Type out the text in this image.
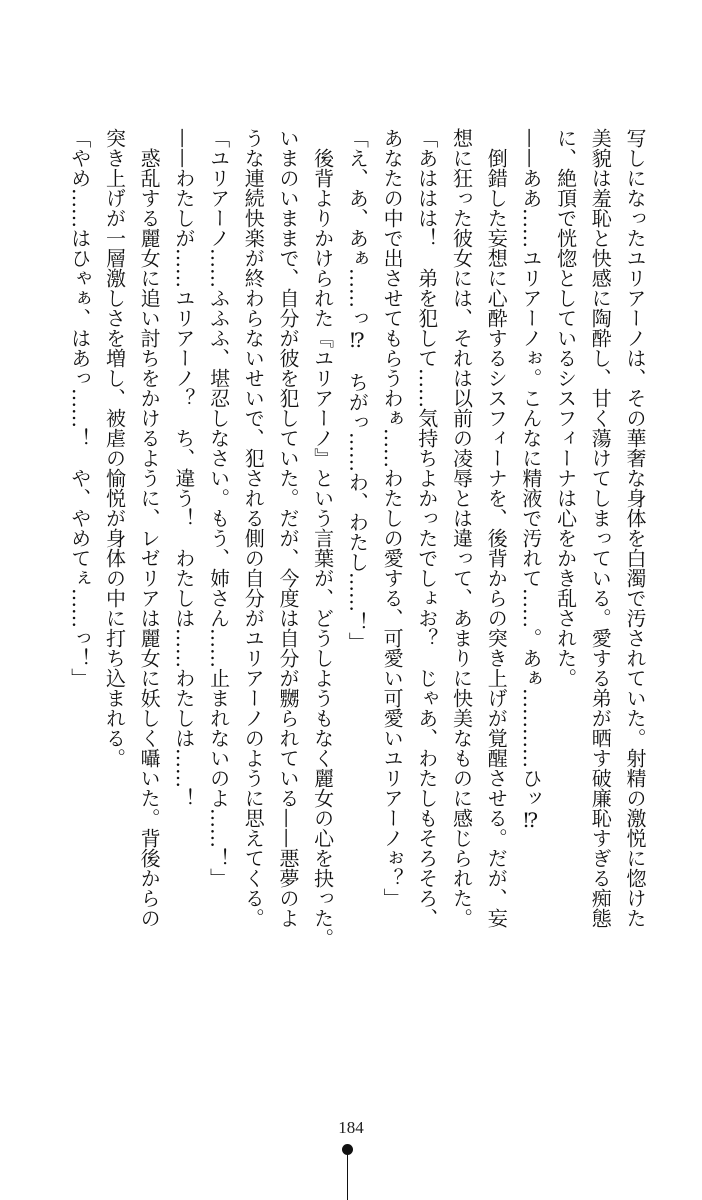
写しになったユリアーノは、その華奢な身体を白濁で汚されていた。射精の激悦に惚けた
美貌は羞恥と快感に陶酔し、甘く蕩けてしまっている。愛する弟が晒す破廉恥すぎる痴態
に、絶頂で恍惚としているシスフィーナは心をかき乱された。
——ああ……ユリアーノぉ。こんなに精液で汚れて……。あぁ…………ひッ⁉
　倒錯した妄想に心酔するシスフィーナを、後背からの突き上げが覚醒させる。だが、妄
想に狂った彼女には、それは以前の凌辱とは違って、あまりに快美なものに感じられた。
「あははは！　弟を犯して……気持ちよかったでしょお？　じゃあ、わたしもそろそろ、
あなたの中で出させてもらうわぁ……わたしの愛する、可愛い可愛いユリアーノぉ？」
「え、あ、あぁ……っ⁉　ちがっ……わ、わたし……！」
　後背よりかけられた『ユリアーノ』という言葉が、どうしようもなく麗女の心を抉った。
いまのいままで、自分が彼を犯していた。だが、今度は自分が嬲られている——悪夢のよ
うな連続快楽が終わらないせいで、犯される側の自分がユリアーノのように思えてくる。
「ユリアーノ……ふふふ、堪忍しなさい。もう、姉さん……止まれないのよ……！」
——わたしが……ユリアーノ？　ち、違う！　わたしは……わたしは……！
　惑乱する麗女に追い討ちをかけるように、レゼリアは麗女に妖しく囁いた。背後からの
突き上げが一層激しさを増し、被虐の愉悦が身体の中に打ち込まれる。
「やめ……はひゃぁ、はあっ……！　や、やめてぇ……っ！」
184
